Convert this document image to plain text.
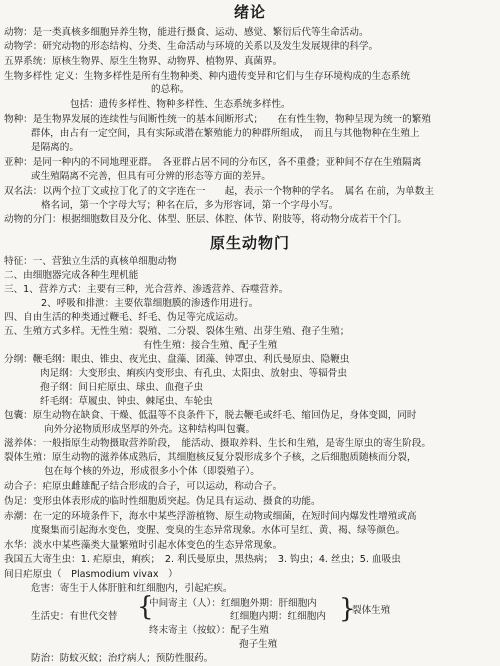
绪论
动物：是一类真核多细胞异养生物，能进行摄食、运动、感觉、繁衍后代等生命活动。
动物学：研究动物的形态结构、分类、生命活动与环境的关系以及发生发展规律的科学。
五界系统：原核生物界、原生生物界、动物界、植物界、真菌界。
生物多样性 定义：生物多样性是所有生物种类、种内遗传变异和它们与生存环境构成的生态系统
的总称。
包括：遗传多样性、物种多样性、生态系统多样性。
物种：是生物界发展的连续性与间断性统一的基本间断形式；　　在有性生物，物种呈现为统一的繁殖
群体，由占有一定空间，具有实际或潜在繁殖能力的种群所组成，　而且与其他物种在生殖上
是隔离的。
亚种：是同一种内的不同地理亚群。　各亚群占居不同的分布区，各不重叠；亚种间不存在生殖隔离
或生殖隔离不完善，但具有可分辨的形态等方面的差异。
双名法：以两个拉丁文或拉丁化了的文字连在一　　起，表示一个物种的学名。　属名 在前，为单数主
格名词，第一个字母大写；种名在后，多为形容词，第一个字母小写。
动物的分门：根据细胞数目及分化、体型、胚层、体腔、体节、附肢等，将动物分成若干个门。
原生动物门
特征：一、营独立生活的真核单细胞动物
二、由细胞器完成各种生理机能
三、1、营养方式：主要有三种，光合营养、渗透营养、吞噬营养。
2、呼吸和排泄：主要依靠细胞膜的渗透作用进行。
四、自由生活的种类通过鞭毛、纤毛、伪足等完成运动。
五、生殖方式多样。无性生殖：裂殖、二分裂、裂体生殖、出芽生殖、孢子生殖；
有性生殖：接合生殖、配子生殖
分纲：鞭毛纲：眼虫、锥虫、夜光虫、盘藻、团藻、钟罩虫、利氏曼原虫、隐鞭虫
肉足纲：大变形虫、痢疾内变形虫、有孔虫、太阳虫、放射虫、等辐骨虫
孢子纲：间日疟原虫、球虫、血孢子虫
纤毛纲：草履虫、钟虫、棘尾虫、车轮虫
包囊：原生动物在缺食、干燥、低温等不良条件下，脱去鞭毛或纤毛、缩回伪足，身体变圆，同时
向外分泌物质形成坚厚的外壳。这种结构叫包囊。
滋养体：一般指原生动物摄取营养阶段，　能活动、摄取养料、生长和生殖，是寄生原虫的寄生阶段。
裂体生殖：原生动物的滋养体成熟后，其细胞核反复分裂形成多个子核，之后细胞质随核而分裂，
包在每个核的外边，形成很多小个体（即裂殖子）。
动合子：疟原虫雌雄配子结合形成的合子，可以运动，称动合子。
伪足：变形虫体表形成的临时性细胞质突起。伪足具有运动、摄食的功能。
赤潮：在一定的环境条件下，海水中某些浮游植物、原生动物或细菌，在短时间内爆发性增殖或高
度聚集而引起海水变色，变腥、变臭的生态异常现象。水体可呈红、黄、褐、绿等颜色。
水华：淡水中某些藻类大量繁殖时引起水体变色的生态异常现象。
我国五大寄生虫：1. 疟原虫，痢疾；　2. 利氏曼原虫，黑热病；　3. 钩虫；4. 丝虫；5. 血吸虫
间日疟原虫（　Plasmodium vivax　）
危害：寄生于人体肝脏和红细胞内，引起疟疾。
{
中间寄主（人）：红细胞外期：肝细胞内 }
裂体生殖
生活史：有世代交替	红细胞内期：红细胞内
终末寄主（按蚊）：配子生殖
孢子生殖
防治：防蚊灭蚊；治疗病人；预防性服药。
